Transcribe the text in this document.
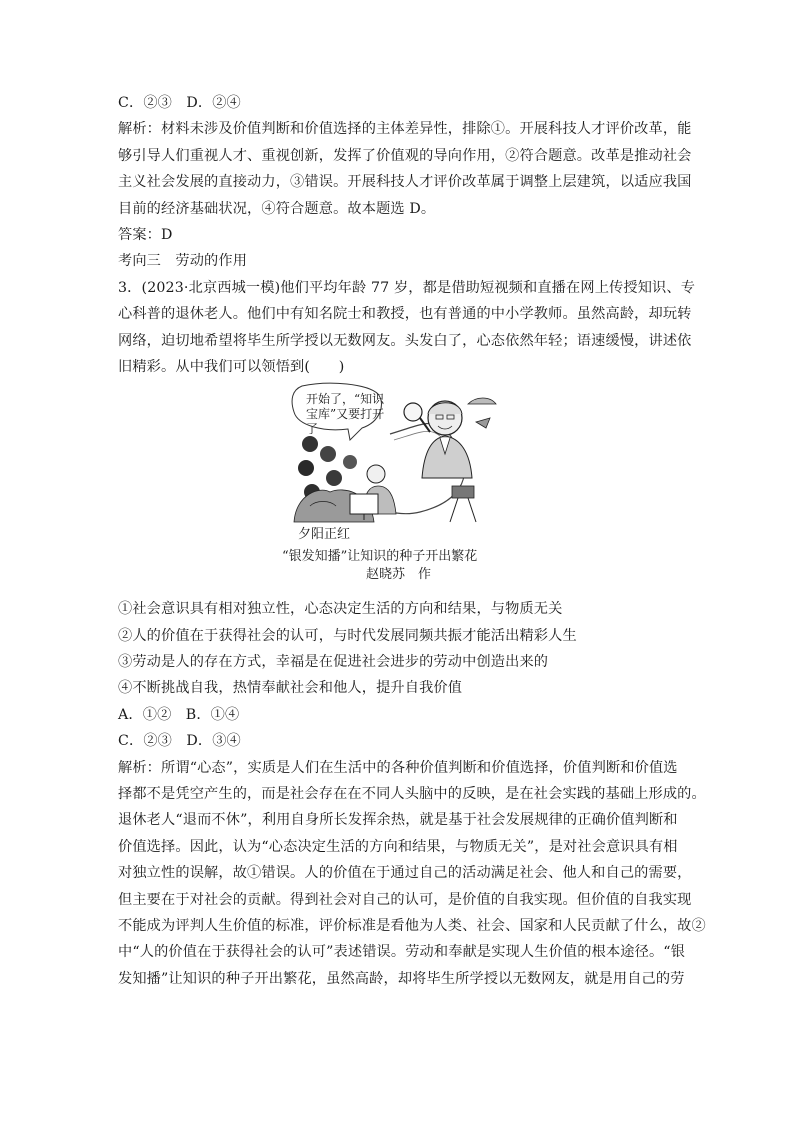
C．②③　D．②④
解析：材料未涉及价值判断和价值选择的主体差异性，排除①。开展科技人才评价改革，能
够引导人们重视人才、重视创新，发挥了价值观的导向作用，②符合题意。改革是推动社会
主义社会发展的直接动力，③错误。开展科技人才评价改革属于调整上层建筑，以适应我国
目前的经济基础状况，④符合题意。故本题选 D。
答案：D
考向三　劳动的作用
3．(2023·北京西城一模)他们平均年龄 77 岁，都是借助短视频和直播在网上传授知识、专
心科普的退休老人。他们中有知名院士和教授，也有普通的中小学教师。虽然高龄，却玩转
网络，迫切地希望将毕生所学授以无数网友。头发白了，心态依然年轻；语速缓慢，讲述依
旧精彩。从中我们可以领悟到(　　)
开始了，“知识宝库”又要打开了
夕阳正红
“银发知播”让知识的种子开出繁花
赵晓苏　作
①社会意识具有相对独立性，心态决定生活的方向和结果，与物质无关
②人的价值在于获得社会的认可，与时代发展同频共振才能活出精彩人生
③劳动是人的存在方式，幸福是在促进社会进步的劳动中创造出来的
④不断挑战自我，热情奉献社会和他人，提升自我价值
A．①②　B．①④
C．②③　D．③④
解析：所谓“心态”，实质是人们在生活中的各种价值判断和价值选择，价值判断和价值选
择都不是凭空产生的，而是社会存在在不同人头脑中的反映，是在社会实践的基础上形成的。
退休老人“退而不休”，利用自身所长发挥余热，就是基于社会发展规律的正确价值判断和
价值选择。因此，认为“心态决定生活的方向和结果，与物质无关”，是对社会意识具有相
对独立性的误解，故①错误。人的价值在于通过自己的活动满足社会、他人和自己的需要，
但主要在于对社会的贡献。得到社会对自己的认可，是价值的自我实现。但价值的自我实现
不能成为评判人生价值的标准，评价标准是看他为人类、社会、国家和人民贡献了什么，故②
中“人的价值在于获得社会的认可”表述错误。劳动和奉献是实现人生价值的根本途径。“银
发知播”让知识的种子开出繁花，虽然高龄，却将毕生所学授以无数网友，就是用自己的劳
